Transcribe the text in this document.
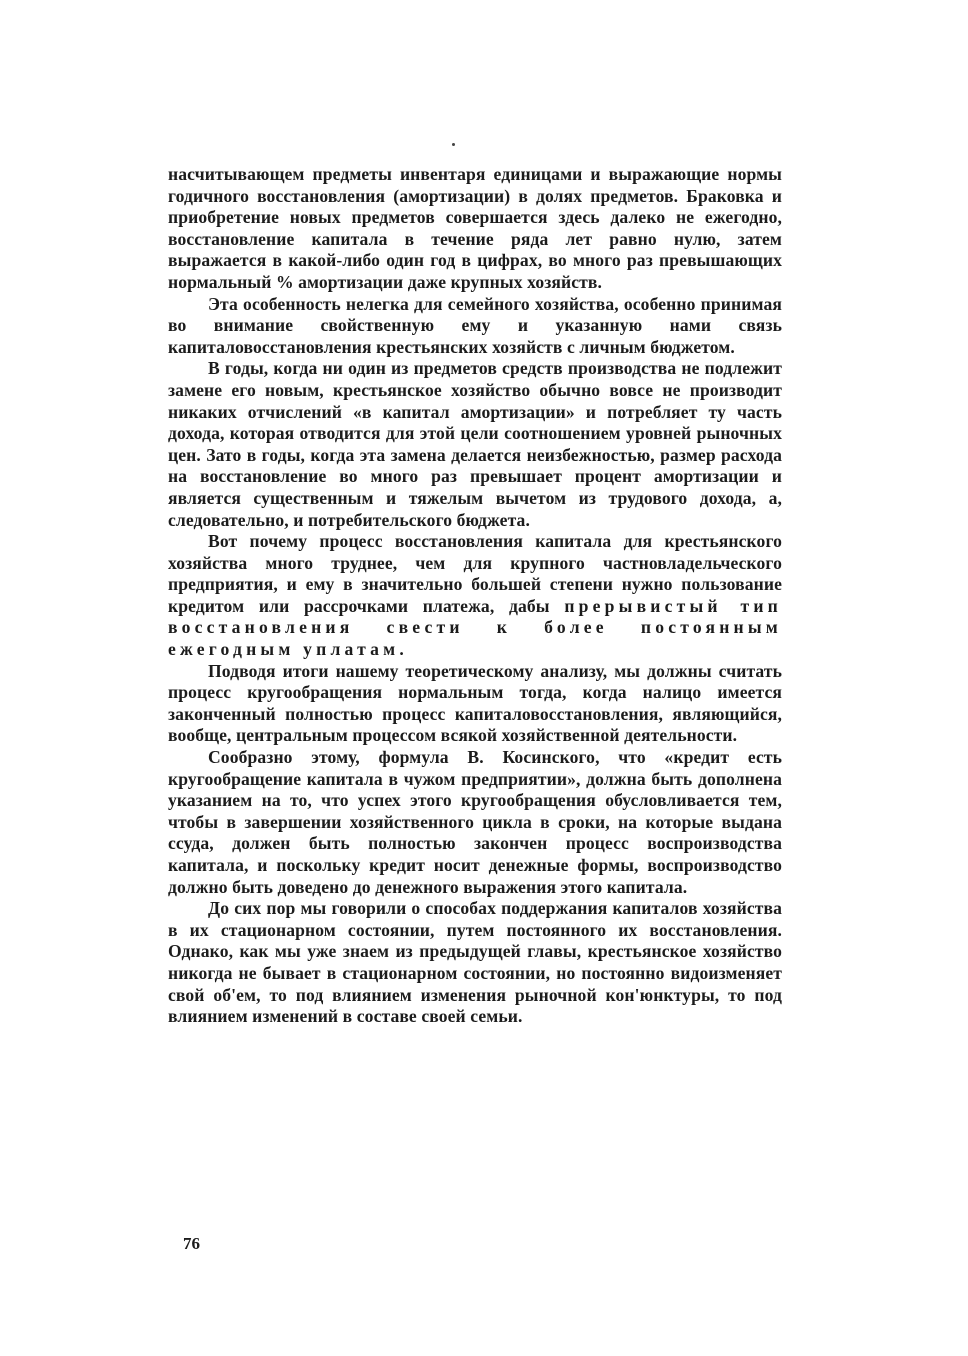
насчитывающем предметы инвентаря единицами и выражающие нормы годичного восстановления (амортизации) в долях предметов. Браковка и приобретение новых предметов совершается здесь далеко не ежегодно, восстановление капитала в течение ряда лет равно нулю, затем выражается в какой-либо один год в цифрах, во много раз превышающих нормальный % амортизации даже крупных хозяйств.

Эта особенность нелегка для семейного хозяйства, особенно принимая во внимание свойственную ему и указанную нами связь капиталовосстановления крестьянских хозяйств с личным бюджетом.

В годы, когда ни один из предметов средств производства не подлежит замене его новым, крестьянское хозяйство обычно вовсе не производит никаких отчислений «в капитал амортизации» и потребляет ту часть дохода, которая отводится для этой цели соотношением уровней рыночных цен. Зато в годы, когда эта замена делается неизбежностью, размер расхода на восстановление во много раз превышает процент амортизации и является существенным и тяжелым вычетом из трудового дохода, а, следовательно, и потребительского бюджета.

Вот почему процесс восстановления капитала для крестьянского хозяйства много труднее, чем для крупного частновладельческого предприятия, и ему в значительно большей степени нужно пользование кредитом или рассрочками платежа, дабы прерывистый тип восстановления свести к более постоянным ежегодным уплатам.

Подводя итоги нашему теоретическому анализу, мы должны считать процесс кругообращения нормальным тогда, когда налицо имеется законченный полностью процесс капиталовосстановления, являющийся, вообще, центральным процессом всякой хозяйственной деятельности.

Сообразно этому, формула В. Косинского, что «кредит есть кругообращение капитала в чужом предприятии», должна быть дополнена указанием на то, что успех этого кругообращения обусловливается тем, чтобы в завершении хозяйственного цикла в сроки, на которые выдана ссуда, должен быть полностью закончен процесс воспроизводства капитала, и поскольку кредит носит денежные формы, воспроизводство должно быть доведено до денежного выражения этого капитала.

До сих пор мы говорили о способах поддержания капиталов хозяйства в их стационарном состоянии, путем постоянного их восстановления. Однако, как мы уже знаем из предыдущей главы, крестьянское хозяйство никогда не бывает в стационарном состоянии, но постоянно видоизменяет свой об'ем, то под влиянием изменения рыночной кон'юнктуры, то под влиянием изменений в составе своей семьи.

76
